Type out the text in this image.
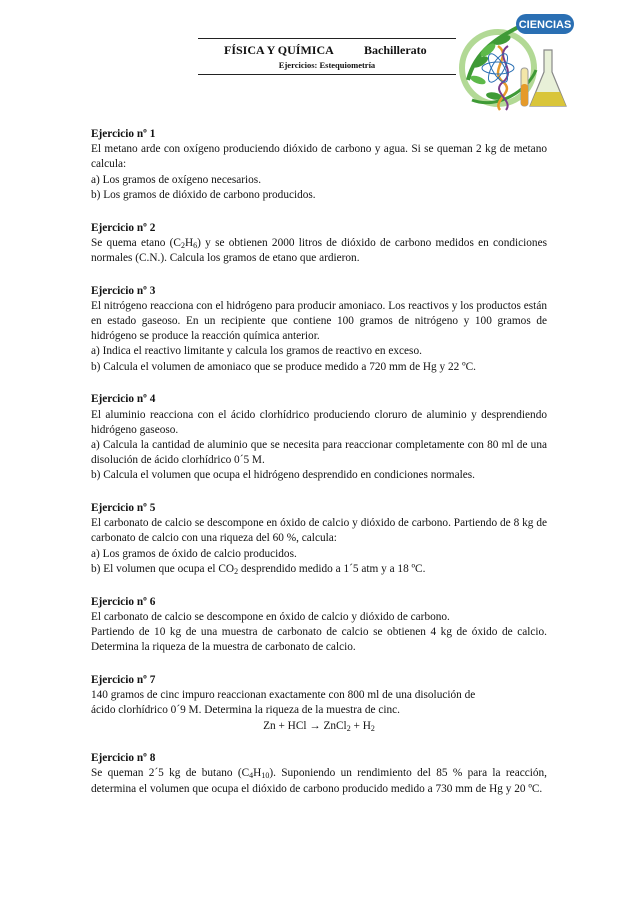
FÍSICA Y QUÍMICA	Bachillerato
Ejercicios: Estequiometría
CIENCIAS
Ejercicio nº 1
El metano arde con oxígeno produciendo dióxido de carbono y agua. Si se queman 2 kg de metano calcula:
a) Los gramos de oxígeno necesarios.
b) Los gramos de dióxido de carbono producidos.
Ejercicio nº 2
Se quema etano $(C_2H_6)$ y se obtienen 2000 litros de dióxido de carbono medidos en condiciones normales (C.N.). Calcula los gramos de etano que ardieron.
Ejercicio nº 3
El nitrógeno reacciona con el hidrógeno para producir amoniaco. Los reactivos y los productos están en estado gaseoso. En un recipiente que contiene 100 gramos de nitrógeno y 100 gramos de hidrógeno se produce la reacción química anterior.
a) Indica el reactivo limitante y calcula los gramos de reactivo en exceso.
b) Calcula el volumen de amoniaco que se produce medido a 720 mm de Hg y 22 ºC.
Ejercicio nº 4
El aluminio reacciona con el ácido clorhídrico produciendo cloruro de aluminio y desprendiendo hidrógeno gaseoso.
a) Calcula la cantidad de aluminio que se necesita para reaccionar completamente con 80 ml de una disolución de ácido clorhídrico 0´5 M.
b) Calcula el volumen que ocupa el hidrógeno desprendido en condiciones normales.
Ejercicio nº 5
El carbonato de calcio se descompone en óxido de calcio y dióxido de carbono. Partiendo de 8 kg de carbonato de calcio con una riqueza del 60 %, calcula:
a) Los gramos de óxido de calcio producidos.
b) El volumen que ocupa el $CO_2$ desprendido medido a 1´5 atm y a 18 ºC.
Ejercicio nº 6
El carbonato de calcio se descompone en óxido de calcio y dióxido de carbono.
Partiendo de 10 kg de una muestra de carbonato de calcio se obtienen 4 kg de óxido de calcio. Determina la riqueza de la muestra de carbonato de calcio.
Ejercicio nº 7
140 gramos de cinc impuro reaccionan exactamente con 800 ml de una disolución de
ácido clorhídrico 0´9 M. Determina la riqueza de la muestra de cinc.
Zn + HCl → ZnCl$_2$ + $H_2$
Ejercicio nº 8
Se queman 2´5 kg de butano $(C_4H_{10})$. Suponiendo un rendimiento del 85 % para la reacción, determina el volumen que ocupa el dióxido de carbono producido medido a 730 mm de Hg y 20 ºC.
